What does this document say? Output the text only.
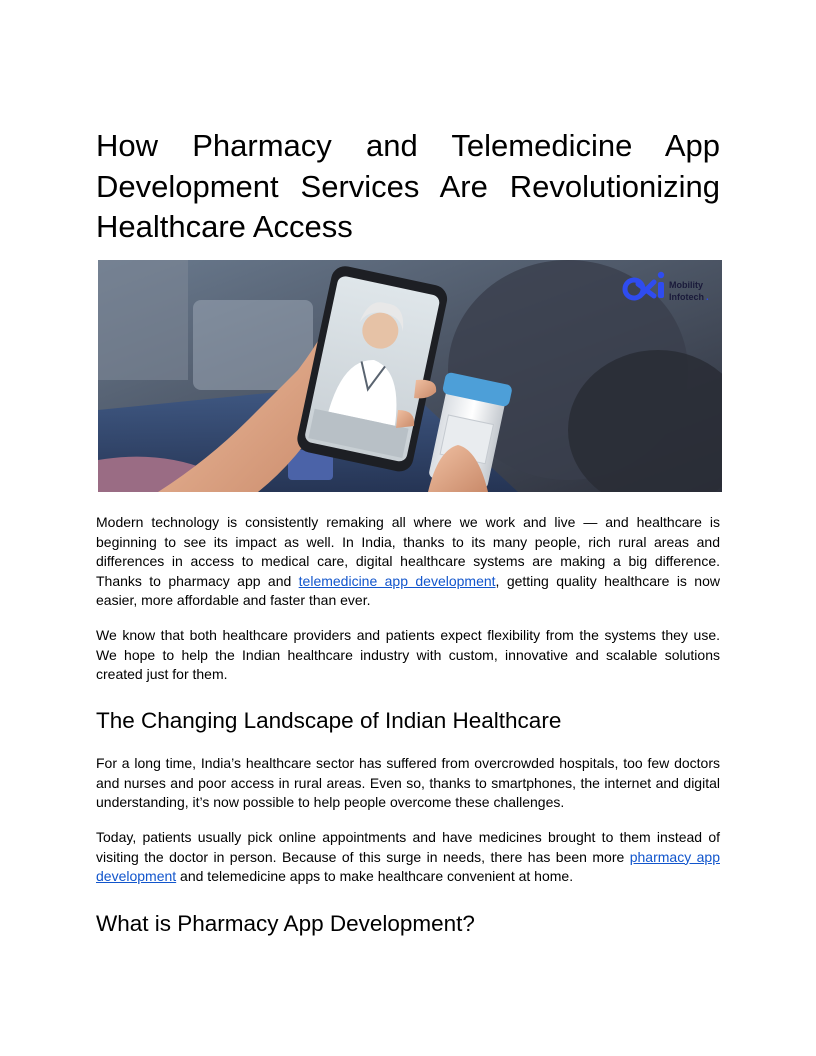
How Pharmacy and Telemedicine App Development Services Are Revolutionizing Healthcare Access
Mobility
Infotech .

Modern technology is consistently remaking all where we work and live — and healthcare is beginning to see its impact as well. In India, thanks to its many people, rich rural areas and differences in access to medical care, digital healthcare systems are making a big difference. Thanks to pharmacy app and telemedicine app development, getting quality healthcare is now easier, more affordable and faster than ever.

We know that both healthcare providers and patients expect flexibility from the systems they use. We hope to help the Indian healthcare industry with custom, innovative and scalable solutions created just for them.

The Changing Landscape of Indian Healthcare

For a long time, India’s healthcare sector has suffered from overcrowded hospitals, too few doctors and nurses and poor access in rural areas. Even so, thanks to smartphones, the internet and digital understanding, it’s now possible to help people overcome these challenges.

Today, patients usually pick online appointments and have medicines brought to them instead of visiting the doctor in person. Because of this surge in needs, there has been more pharmacy app development and telemedicine apps to make healthcare convenient at home.

What is Pharmacy App Development?
